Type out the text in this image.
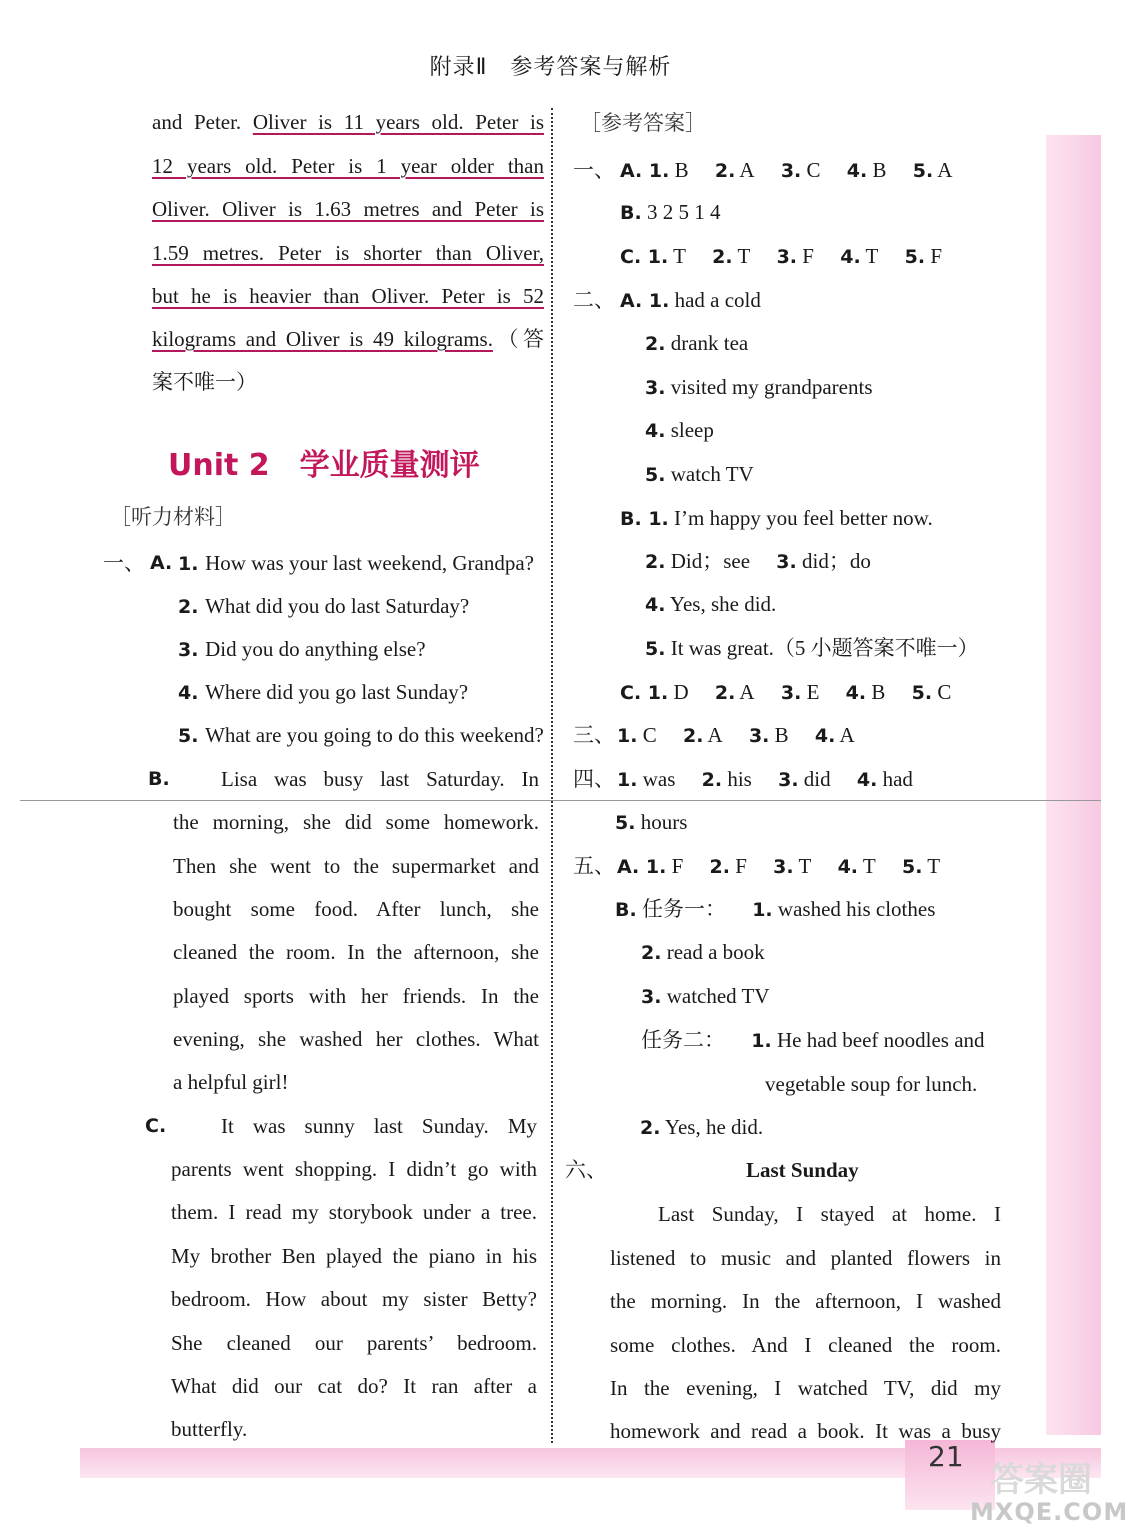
附录Ⅱ　参考答案与解析
and Peter. Oliver is 11 years old. Peter is
12 years old. Peter is 1 year older than
Oliver. Oliver is 1.63 metres and Peter is
1.59 metres. Peter is shorter than Oliver,
but he is heavier than Oliver. Peter is 52
kilograms and Oliver is 49 kilograms.（答
案不唯一）
Unit 2 学业质量测评
［听力材料］
一、 A. 1. How was your last weekend, Grandpa?
2. What did you do last Saturday?
3. Did you do anything else?
4. Where did you go last Sunday?
5. What are you going to do this weekend?
B. Lisa was busy last Saturday. In
the morning, she did some homework.
Then she went to the supermarket and
bought some food. After lunch, she
cleaned the room. In the afternoon, she
played sports with her friends. In the
evening, she washed her clothes. What
a helpful girl!
C.	It was sunny last Sunday. My
parents went shopping. I didn’t go with
them. I read my storybook under a tree.
My brother Ben played the piano in his
bedroom. How about my sister Betty?
She cleaned our parents’ bedroom.
What did our cat do? It ran after a
butterfly.
［参考答案］
一、 A. 1. B  2. A  3. C  4. B  5. A
B. 3 2 5 1 4
C. 1. T  2. T  3. F  4. T  5. F
二、 A. 1. had a cold
2. drank tea
3. visited my grandparents
4. sleep
5. watch TV
B. 1. I’m happy you feel better now.
2. Did；see  3. did；do
4. Yes, she did.
5. It was great.（5 小题答案不唯一）
C. 1. D  2. A  3. E  4. B  5. C
三、 1. C  2. A  3. B  4. A
四、 1. was  2. his  3. did  4. had
5. hours
五、 A. 1. F  2. F  3. T  4. T  5. T
B. 任务一：  1. washed his clothes
2. read a book
3. watched TV
任务二：  1. He had beef noodles and
vegetable soup for lunch.
2. Yes, he did.
六、	Last Sunday
Last Sunday, I stayed at home. I
listened to music and planted flowers in
the morning. In the afternoon, I washed
some clothes. And I cleaned the room.
In the evening, I watched TV, did my
homework and read a book. It was a busy
21
答案圈
MXQE.COM
